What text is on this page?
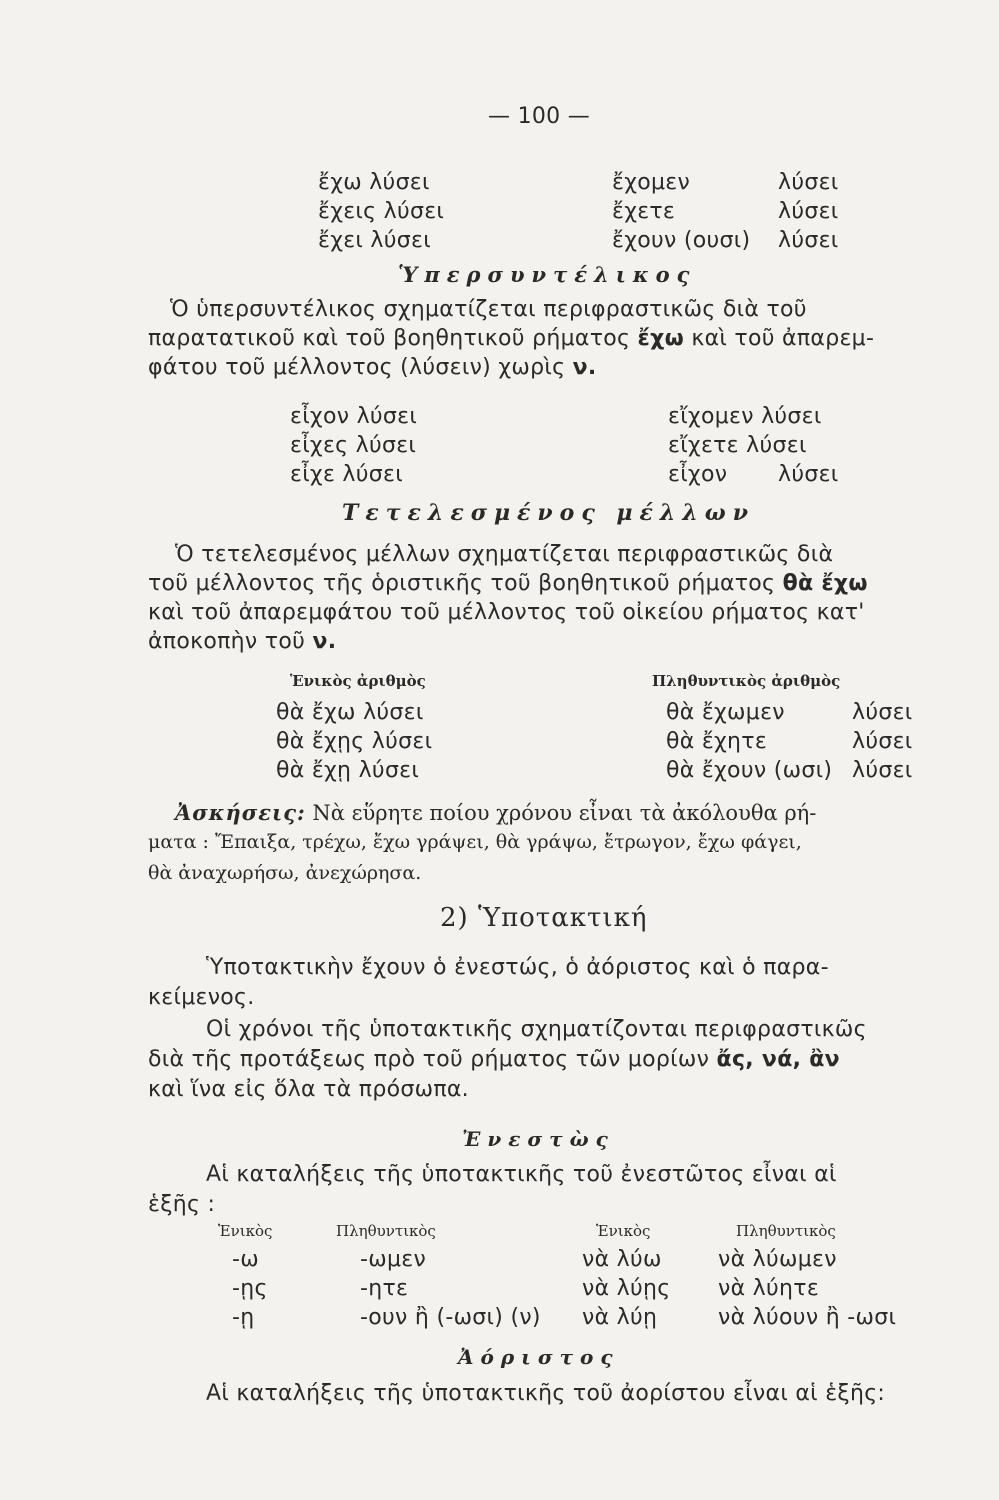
— 100 —
ἔχω λύσει	ἔχομεν	λύσει
ἔχεις λύσει	ἔχετε	λύσει
ἔχει λύσει	ἔχουν (ουσι) λύσει
Ὑπερσυντέλικος
Ὁ ὑπερσυντέλικος σχηματίζεται περιφραστικῶς διὰ τοῦ
παρατατικοῦ καὶ τοῦ βοηθητικοῦ ρήματος ἔχω καὶ τοῦ ἀπαρεμ-
φάτου τοῦ μέλλοντος (λύσειν) χωρὶς ν.
εἶχον λύσει	εἴχομεν λύσει
εἶχες λύσει	εἴχετε λύσει
εἶχε λύσει	εἶχον λύσει
Τετελεσμένος μέλλων
Ὁ τετελεσμένος μέλλων σχηματίζεται περιφραστικῶς διὰ
τοῦ μέλλοντος τῆς ὁριστικῆς τοῦ βοηθητικοῦ ρήματος θὰ ἔχω
καὶ τοῦ ἀπαρεμφάτου τοῦ μέλλοντος τοῦ οἰκείου ρήματος κατ'
ἀποκοπὴν τοῦ ν.
Ἑνικὸς ἀριθμὸς	Πληθυντικὸς ἀριθμὸς
θὰ ἔχω λύσει	θὰ ἔχωμεν	λύσει
θὰ ἔχῃς λύσει	θὰ ἔχητε	λύσει
θὰ ἔχῃ λύσει	θὰ ἔχουν (ωσι) λύσει
Ἀσκήσεις: Νὰ εὕρητε ποίου χρόνου εἶναι τὰ ἀκόλουθα ρή-
ματα : Ἔπαιξα, τρέχω, ἔχω γράψει, θὰ γράψω, ἔτρωγον, ἔχω φάγει,
θὰ ἀναχωρήσω, ἀνεχώρησα.
2) Ὑποτακτική
Ὑποτακτικὴν ἔχουν ὁ ἐνεστώς, ὁ ἀόριστος καὶ ὁ παρα-
κείμενος.
Οἱ χρόνοι τῆς ὑποτακτικῆς σχηματίζονται περιφραστικῶς
διὰ τῆς προτάξεως πρὸ τοῦ ρήματος τῶν μορίων ἄς, νά, ἂν
καὶ ἵνα εἰς ὅλα τὰ πρόσωπα.
Ἐνεστὼς
Αἱ καταλήξεις τῆς ὑποτακτικῆς τοῦ ἐνεστῶτος εἶναι αἱ
ἑξῆς :
Ἑνικὸς	Πληθυντικὸς	Ἑνικὸς	Πληθυντικὸς
-ω	-ωμεν	νὰ λύω	νὰ λύωμεν
-ῃς	-ητε	νὰ λύῃς νὰ λύητε
-ῃ	-ουν ἢ (-ωσι) (ν) νὰ λύῃ	νὰ λύουν ἢ -ωσι
Ἀόριστος
Αἱ καταλήξεις τῆς ὑποτακτικῆς τοῦ ἀορίστου εἶναι αἱ ἑξῆς:
